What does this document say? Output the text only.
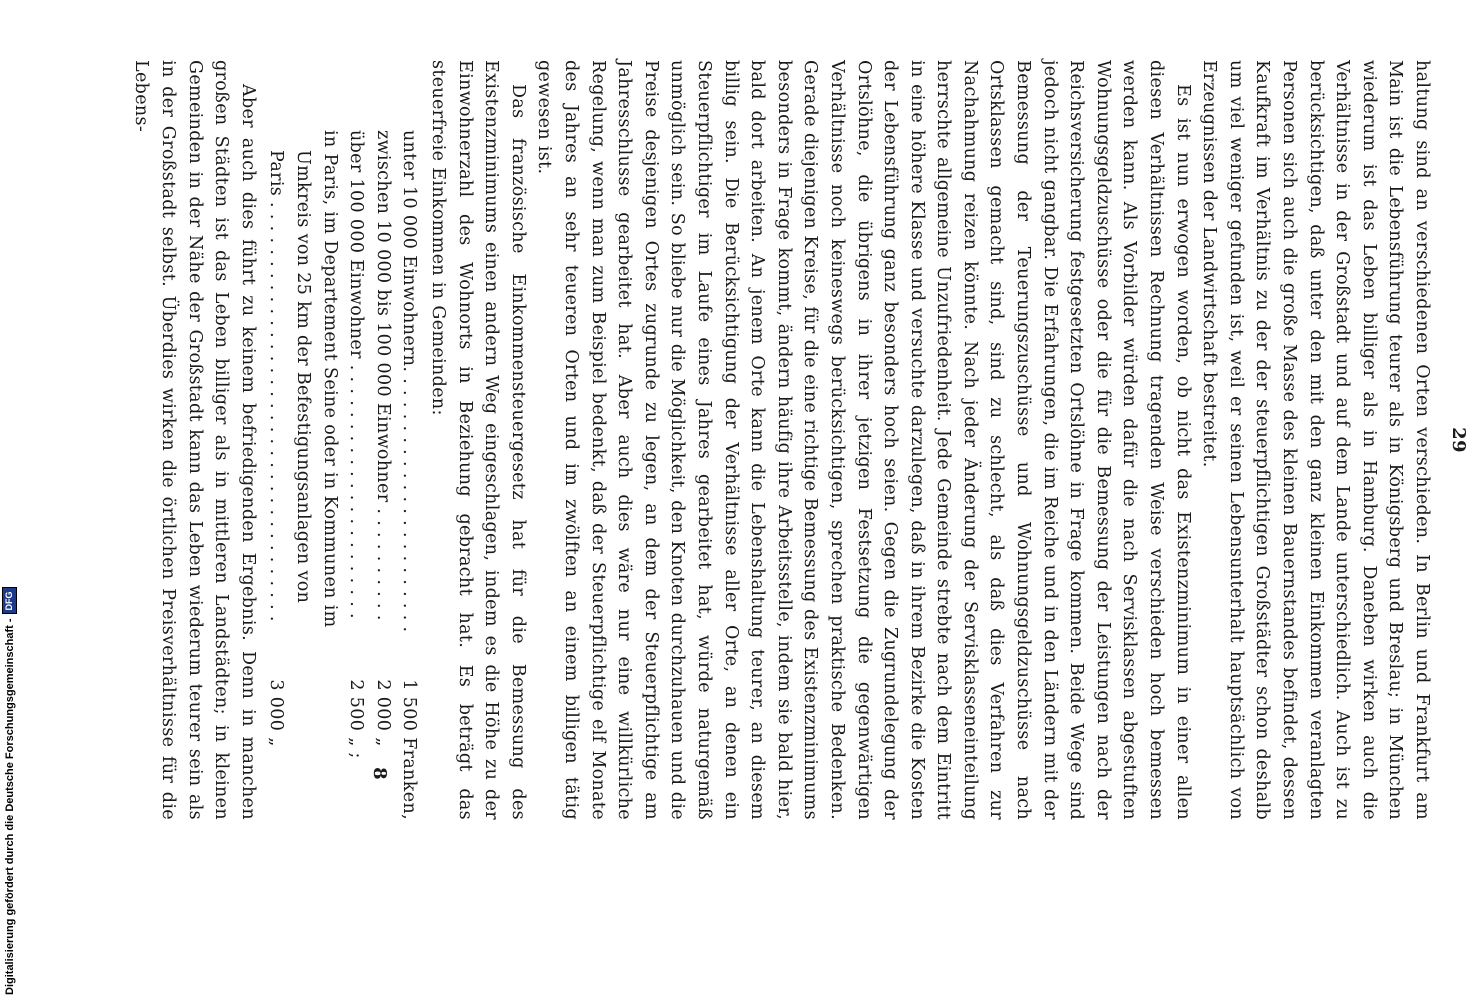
29

haltung sind an verschiedenen Orten verschieden. In Berlin und Frankfurt am Main ist die Lebensführung teurer als in Königsberg und Breslau; in München wiederum ist das Leben billiger als in Hamburg. Daneben wirken auch die Verhältnisse in der Großstadt und auf dem Lande unterschiedlich. Auch ist zu berücksichtigen, daß unter den mit den ganz kleinen Einkommen veranlagten Personen sich auch die große Masse des kleinen Bauernstandes befindet, dessen Kaufkraft im Verhältnis zu der der steuerpflichtigen Großstädter schon deshalb um viel weniger gefunden ist, weil er seinen Lebensunterhalt hauptsächlich von Erzeugnissen der Landwirtschaft bestreitet.

Es ist nun erwogen worden, ob nicht das Existenzminimum in einer allen diesen Verhältnissen Rechnung tragenden Weise verschieden hoch bemessen werden kann. Als Vorbilder würden dafür die nach Servisklassen abgestuften Wohnungsgeldzuschüsse oder die für die Bemessung der Leistungen nach der Reichsversicherung festgesetzten Ortslöhne in Frage kommen. Beide Wege sind jedoch nicht gangbar. Die Erfahrungen, die im Reiche und in den Ländern mit der Bemessung der Teuerungszuschüsse und Wohnungsgeldzuschüsse nach Ortsklassen gemacht sind, sind zu schlecht, als daß dies Verfahren zur Nachahmung reizen könnte. Nach jeder Änderung der Servisklasseneinteilung herrschte allgemeine Unzufriedenheit. Jede Gemeinde strebte nach dem Eintritt in eine höhere Klasse und versuchte darzulegen, daß in ihrem Bezirke die Kosten der Lebensführung ganz besonders hoch seien. Gegen die Zugrundelegung der Ortslöhne, die übrigens in ihrer jetzigen Festsetzung die gegenwärtigen Verhältnisse noch keineswegs berücksichtigen, sprechen praktische Bedenken. Gerade diejenigen Kreise, für die eine richtige Bemessung des Existenzminimums besonders in Frage kommt, ändern häufig ihre Arbeitsstelle, indem sie bald hier, bald dort arbeiten. An jenem Orte kann die Lebenshaltung teurer, an diesem billig sein. Die Berücksichtigung der Verhältnisse aller Orte, an denen ein Steuerpflichtiger im Laufe eines Jahres gearbeitet hat, würde naturgemäß unmöglich sein. So bliebe nur die Möglichkeit, den Knoten durchzuhauen und die Preise desjenigen Ortes zugrunde zu legen, an dem der Steuerpflichtige am Jahresschlusse gearbeitet hat. Aber auch dies wäre nur eine willkürliche Regelung, wenn man zum Beispiel bedenkt, daß der Steuerpflichtige elf Monate des Jahres an sehr teueren Orten und im zwölften an einem billigen tätig gewesen ist.

Das französische Einkommensteuergesetz hat für die Bemessung des Existenzminimums einen andern Weg eingeschlagen, indem es die Höhe zu der Einwohnerzahl des Wohnorts in Beziehung gebracht hat. Es beträgt das steuerfreie Einkommen in Gemeinden:

unter 10 000 Einwohnern. . . . . . . . . . . . . . . . . . . . . . .	1 500	Franken,
zwischen 10 000 bis 100 000 Einwohner . . . . . . . . . .	2 000	„
über 100 000 Einwohner . . . . . . . . . . . . . . . . . . . . . .	2 500	„ ;
in Paris, im Departement Seine oder in Kommunen im		
Umkreis von 25 km der Befestigungsanlagen von		
Paris . . . . . . . . . . . . . . . . . . . . . . . . . . . . . . . . . . . .	3 000	„

Aber auch dies führt zu keinem befriedigenden Ergebnis. Denn in manchen großen Städten ist das Leben billiger als in mittleren Landstädten; in kleinen Gemeinden in der Nähe der Großstadt kann das Leben wiederum teurer sein als in der Großstadt selbst. Überdies wirken die örtlichen Preisverhältnisse für die Lebens-

8
Digitalisierung gefördert durch die Deutsche Forschungsgemeinschaft -
DFG
